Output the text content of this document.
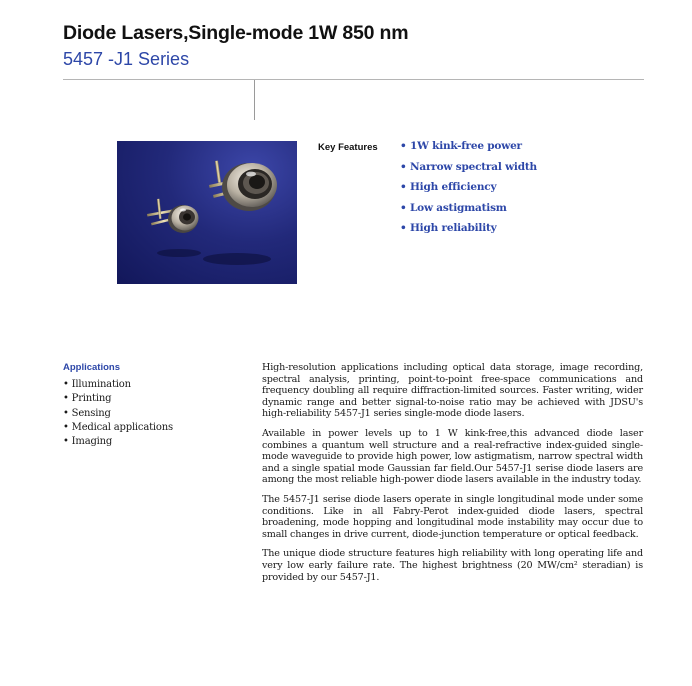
Diode Lasers,Single-mode 1W 850 nm
5457 -J1 Series
Key Features • 1W kink-free power
• Narrow spectral width
• High efficiency
• Low astigmatism
• High reliability
Applications
• Illumination
• Printing
• Sensing
• Medical applications
• Imaging

High-resolution applications including optical data storage, image recording, spectral analysis, printing, point-to-point free-space communications and frequency doubling all require diffraction-limited sources. Faster writing, wider dynamic range and better signal-to-noise ratio may be achieved with JDSU's high-reliability 5457-J1 series single-mode diode lasers.

Available in power levels up to 1 W kink-free,this advanced diode laser combines a quantum well structure and a real-refractive index-guided single-mode waveguide to provide high power, low astigmatism, narrow spectral width and a single spatial mode Gaussian far field.Our 5457-J1 serise diode lasers are among the most reliable high-power diode lasers available in the industry today.

The 5457-J1 serise diode lasers operate in single longitudinal mode under some conditions. Like in all Fabry-Perot index-guided diode lasers, spectral broadening, mode hopping and longitudinal mode instability may occur due to small changes in drive current, diode-junction temperature or optical feedback.

The unique diode structure features high reliability with long operating life and very low early failure rate. The highest brightness (20 MW/cm² steradian) is provided by our 5457-J1.
